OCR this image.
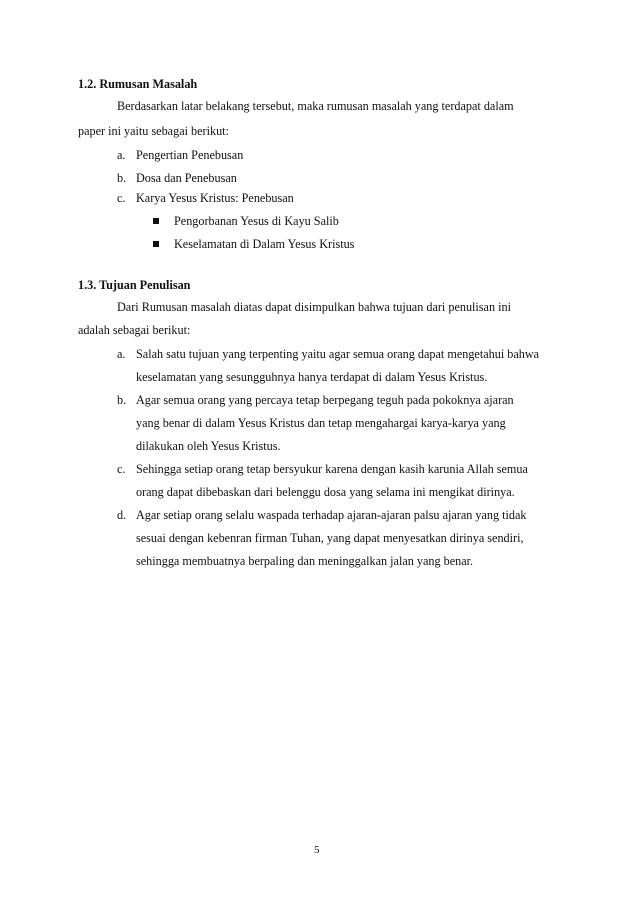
1.2. Rumusan Masalah
Berdasarkan latar belakang tersebut, maka rumusan masalah yang terdapat dalam
paper ini yaitu sebagai berikut:
a. Pengertian Penebusan
b. Dosa dan Penebusan
c. Karya Yesus Kristus: Penebusan
Pengorbanan Yesus di Kayu Salib
Keselamatan di Dalam Yesus Kristus
1.3. Tujuan Penulisan
Dari Rumusan masalah diatas dapat disimpulkan bahwa tujuan dari penulisan ini
adalah sebagai berikut:
a. Salah satu tujuan yang terpenting yaitu agar semua orang dapat mengetahui bahwa
keselamatan yang sesungguhnya hanya terdapat di dalam Yesus Kristus.
b. Agar semua orang yang percaya tetap berpegang teguh pada pokoknya ajaran
yang benar di dalam Yesus Kristus dan tetap mengahargai karya-karya yang
dilakukan oleh Yesus Kristus.
c. Sehingga setiap orang tetap bersyukur karena dengan kasih karunia Allah semua
orang dapat dibebaskan dari belenggu dosa yang selama ini mengikat dirinya.
d. Agar setiap orang selalu waspada terhadap ajaran-ajaran palsu ajaran yang tidak
sesuai dengan kebenran firman Tuhan, yang dapat menyesatkan dirinya sendiri,
sehingga membuatnya berpaling dan meninggalkan jalan yang benar.
5
